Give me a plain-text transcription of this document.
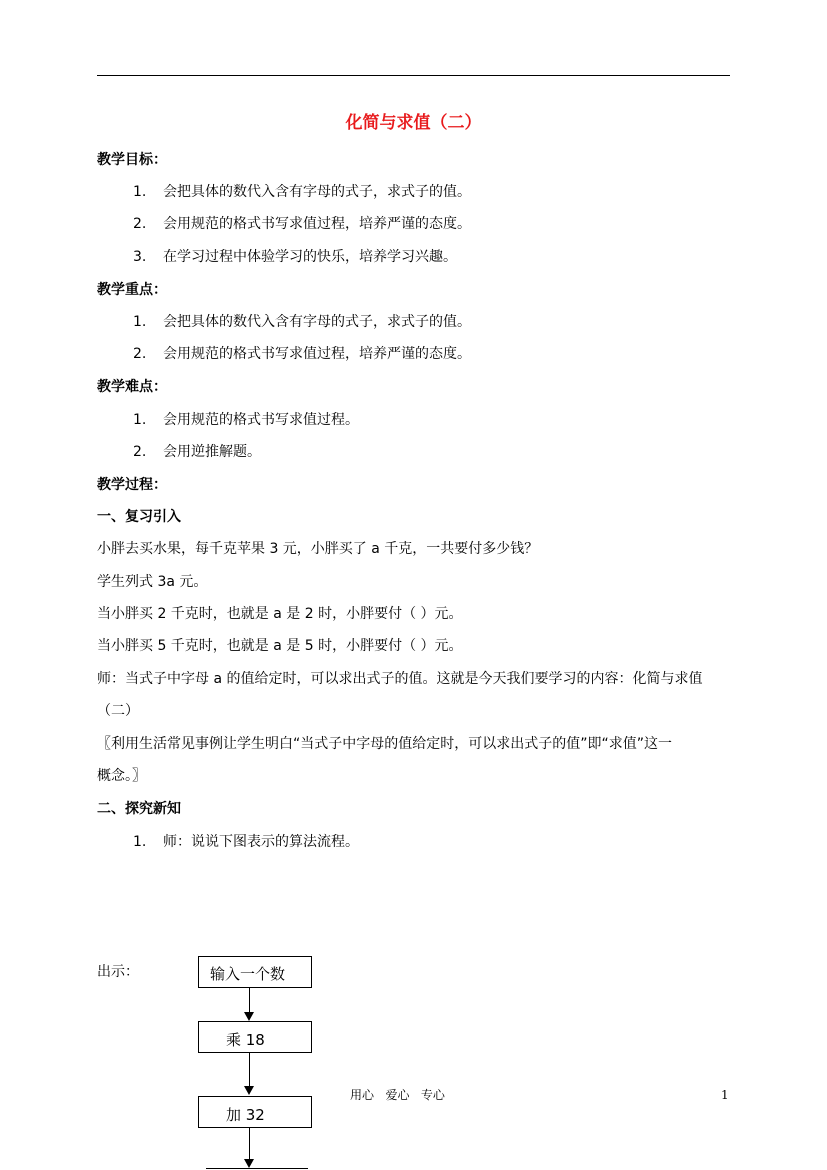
化简与求值（二）
教学目标：
1. 会把具体的数代入含有字母的式子，求式子的值。
2. 会用规范的格式书写求值过程，培养严谨的态度。
3. 在学习过程中体验学习的快乐，培养学习兴趣。
教学重点：
1. 会把具体的数代入含有字母的式子，求式子的值。
2. 会用规范的格式书写求值过程，培养严谨的态度。
教学难点：
1. 会用规范的格式书写求值过程。
2. 会用逆推解题。
教学过程：
一、复习引入
小胖去买水果，每千克苹果 3 元，小胖买了 a 千克，一共要付多少钱？
学生列式 3a 元。
当小胖买 2 千克时，也就是 a 是 2 时，小胖要付（ ）元。
当小胖买 5 千克时，也就是 a 是 5 时，小胖要付（ ）元。
师：当式子中字母 a 的值给定时，可以求出式子的值。这就是今天我们要学习的内容：化简与求值
（二）
〖利用生活常见事例让学生明白“当式子中字母的值给定时，可以求出式子的值”即“求值”这一
概念。〗
二、探究新知
1. 师：说说下图表示的算法流程。
出示：	输入一个数
乘 18
加 32
用心   爱心   专心	1
